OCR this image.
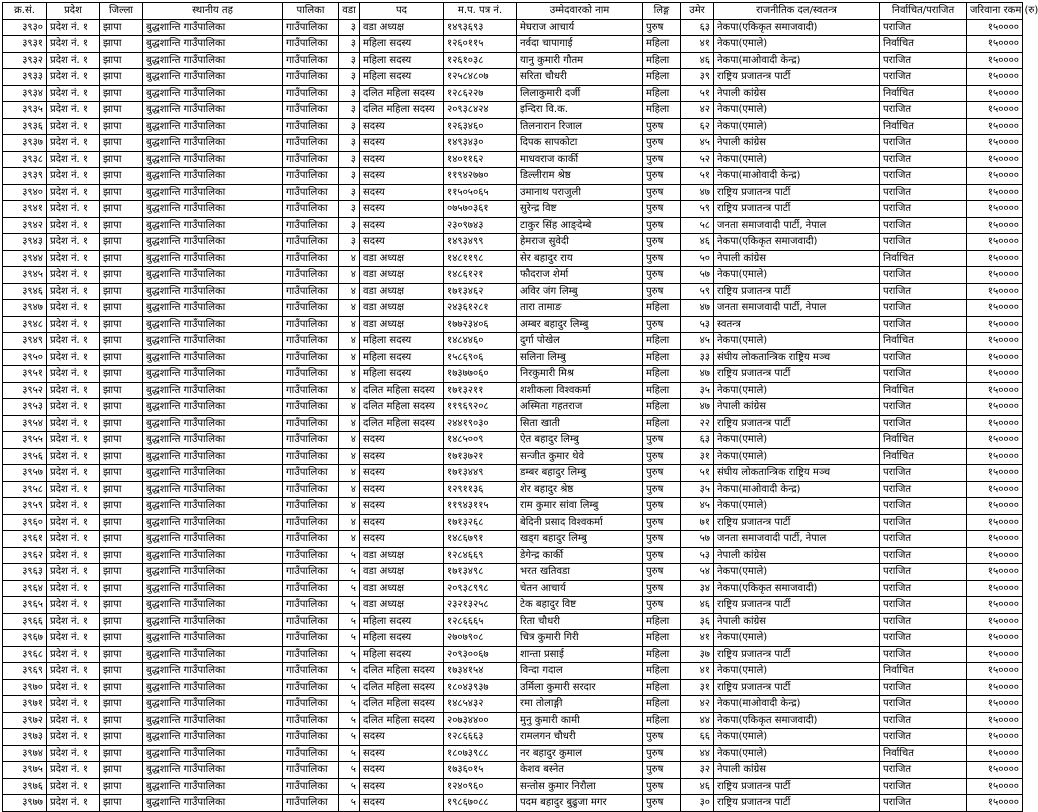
क्र.सं.	प्रदेश	जिल्ला	स्थानीय तह	पालिका	वडा	पद	म.प. पत्र नं.	उम्मेदवारको नाम	लिङ्ग	उमेर	राजनीतिक दल/स्वतन्त्र	निर्वाचित/पराजित	जरिवाना रकम (रु)
३९३०	प्रदेश नं. १	झापा	बुद्धशान्ति गाउँपालिका	गाउँपालिका	३	वडा अध्यक्ष	१४९३६९३	मेघराज आचार्य	पुरुष	६३	नेकपा(एकिकृत समाजवादी)	पराजित	१५००००
३९३१	प्रदेश नं. १	झापा	बुद्धशान्ति गाउँपालिका	गाउँपालिका	३	महिला सदस्य	१२६०११५	नर्वदा चापागाई	महिला	४१	नेकपा(एमाले)	निर्वाचित	१५००००
३९३२	प्रदेश नं. १	झापा	बुद्धशान्ति गाउँपालिका	गाउँपालिका	३	महिला सदस्य	१२६१०३८	यानु कुमारी गौतम	महिला	४६	नेकपा(माओवादी केन्द्र)	पराजित	१५००००
३९३३	प्रदेश नं. १	झापा	बुद्धशान्ति गाउँपालिका	गाउँपालिका	३	महिला सदस्य	१२५८४८०७	सरिता चौधरी	महिला	३९	राष्ट्रिय प्रजातन्त्र पार्टी	पराजित	१५००००
३९३४	प्रदेश नं. १	झापा	बुद्धशान्ति गाउँपालिका	गाउँपालिका	३	दलित महिला सदस्य	१२८६२२७	लिलाकुमारी दर्जी	महिला	५१	नेपाली कांग्रेस	निर्वाचित	१५००००
३९३५	प्रदेश नं. १	झापा	बुद्धशान्ति गाउँपालिका	गाउँपालिका	३	दलित महिला सदस्य	२०९३८४२४	इन्दिरा वि.क.	महिला	४२	नेकपा(एमाले)	पराजित	१५००००
३९३६	प्रदेश नं. १	झापा	बुद्धशान्ति गाउँपालिका	गाउँपालिका	३	सदस्य	१२६३४६०	तिलनारान रिजाल	पुरुष	६२	नेकपा(एमाले)	निर्वाचित	१५००००
३९३७	प्रदेश नं. १	झापा	बुद्धशान्ति गाउँपालिका	गाउँपालिका	३	सदस्य	१४९३४३०	दिपक सापकोटा	पुरुष	४५	नेपाली कांग्रेस	पराजित	१५००००
३९३८	प्रदेश नं. १	झापा	बुद्धशान्ति गाउँपालिका	गाउँपालिका	३	सदस्य	१४०११६२	माधवराज कार्की	पुरुष	५२	नेकपा(एमाले)	पराजित	१५००००
३९३९	प्रदेश नं. १	झापा	बुद्धशान्ति गाउँपालिका	गाउँपालिका	३	सदस्य	११९४२७७०	डिल्लीराम श्रेष्ठ	पुरुष	५१	नेकपा(माओवादी केन्द्र)	पराजित	१५००००
३९४०	प्रदेश नं. १	झापा	बुद्धशान्ति गाउँपालिका	गाउँपालिका	३	सदस्य	११५०५०६५	उमानाथ पराजुली	पुरुष	४७	राष्ट्रिय प्रजातन्त्र पार्टी	पराजित	१५००००
३९४१	प्रदेश नं. १	झापा	बुद्धशान्ति गाउँपालिका	गाउँपालिका	३	सदस्य	०७५७०३६१	सुरेन्द्र विष्ट	पुरुष	५९	राष्ट्रिय प्रजातन्त्र पार्टी	पराजित	१५००००
३९४२	प्रदेश नं. १	झापा	बुद्धशान्ति गाउँपालिका	गाउँपालिका	३	सदस्य	२३०९७४३	टाकुर सिंह आङ्देम्बे	पुरुष	५८	जनता समाजवादी पार्टी, नेपाल	पराजित	१५००००
३९४३	प्रदेश नं. १	झापा	बुद्धशान्ति गाउँपालिका	गाउँपालिका	३	सदस्य	१४९३४९९	हेमराज सुवेदी	पुरुष	४६	नेकपा(एकिकृत समाजवादी)	पराजित	१५००००
३९४४	प्रदेश नं. १	झापा	बुद्धशान्ति गाउँपालिका	गाउँपालिका	४	वडा अध्यक्ष	१४८११९८	सेर बहादुर राय	पुरुष	५०	नेपाली कांग्रेस	निर्वाचित	१५००००
३९४५	प्रदेश नं. १	झापा	बुद्धशान्ति गाउँपालिका	गाउँपालिका	४	वडा अध्यक्ष	१४८६१२१	फौदराज शेर्मा	पुरुष	५७	नेकपा(एमाले)	पराजित	१५००००
३९४६	प्रदेश नं. १	झापा	बुद्धशान्ति गाउँपालिका	गाउँपालिका	४	वडा अध्यक्ष	१७१३४६२	अविर जंग लिम्बु	पुरुष	५९	राष्ट्रिय प्रजातन्त्र पार्टी	पराजित	१५००००
३९४७	प्रदेश नं. १	झापा	बुद्धशान्ति गाउँपालिका	गाउँपालिका	४	वडा अध्यक्ष	२४३६१२८१	तारा तामाङ	महिला	४७	जनता समाजवादी पार्टी, नेपाल	पराजित	१५००००
३९४८	प्रदेश नं. १	झापा	बुद्धशान्ति गाउँपालिका	गाउँपालिका	४	वडा अध्यक्ष	१७७२३४०६	अम्बर बहादुर लिम्बु	पुरुष	५३	स्वतन्त्र	पराजित	१५००००
३९४९	प्रदेश नं. १	झापा	बुद्धशान्ति गाउँपालिका	गाउँपालिका	४	महिला सदस्य	१४८४४६०	दुर्गा पोखेल	महिला	४५	नेकपा(एमाले)	निर्वाचित	१५००००
३९५०	प्रदेश नं. १	झापा	बुद्धशान्ति गाउँपालिका	गाउँपालिका	४	महिला सदस्य	१५८६९०६	सलिना लिम्बु	महिला	३३	संघीय लोकतान्त्रिक राष्ट्रिय मञ्च	पराजित	१५००००
३९५१	प्रदेश नं. १	झापा	बुद्धशान्ति गाउँपालिका	गाउँपालिका	४	महिला सदस्य	१७३७७०६०	निरकुमारी मिश्र	महिला	४७	राष्ट्रिय प्रजातन्त्र पार्टी	पराजित	१५००००
३९५२	प्रदेश नं. १	झापा	बुद्धशान्ति गाउँपालिका	गाउँपालिका	४	दलित महिला सदस्य	१७१३२११	शशीकला विश्वकर्मा	महिला	३५	नेकपा(एमाले)	निर्वाचित	१५००००
३९५३	प्रदेश नं. १	झापा	बुद्धशान्ति गाउँपालिका	गाउँपालिका	४	दलित महिला सदस्य	११९६९२०८	अस्मिता गहतराज	महिला	४७	नेपाली कांग्रेस	पराजित	१५००००
३९५४	प्रदेश नं. १	झापा	बुद्धशान्ति गाउँपालिका	गाउँपालिका	४	दलित महिला सदस्य	२४४१९०३०	सिता खाती	महिला	२२	राष्ट्रिय प्रजातन्त्र पार्टी	पराजित	१५००००
३९५५	प्रदेश नं. १	झापा	बुद्धशान्ति गाउँपालिका	गाउँपालिका	४	सदस्य	१४८५००९	ऐत बहादुर लिम्बु	पुरुष	६३	नेकपा(एमाले)	निर्वाचित	१५००००
३९५६	प्रदेश नं. १	झापा	बुद्धशान्ति गाउँपालिका	गाउँपालिका	४	सदस्य	१७१३७२१	सन्जीत कुमार थेवे	पुरुष	३१	नेकपा(एमाले)	निर्वाचित	१५००००
३९५७	प्रदेश नं. १	झापा	बुद्धशान्ति गाउँपालिका	गाउँपालिका	४	सदस्य	१७१३४४९	डम्बर बहादुर लिम्बु	पुरुष	५१	संघीय लोकतान्त्रिक राष्ट्रिय मञ्च	पराजित	१५००००
३९५८	प्रदेश नं. १	झापा	बुद्धशान्ति गाउँपालिका	गाउँपालिका	४	सदस्य	१२९११३६	शेर बहादुर श्रेष्ठ	पुरुष	३५	नेकपा(माओवादी केन्द्र)	पराजित	१५००००
३९५९	प्रदेश नं. १	झापा	बुद्धशान्ति गाउँपालिका	गाउँपालिका	४	सदस्य	११९४३११५	राम कुमार सांवा लिम्बु	पुरुष	४५	नेकपा(एमाले)	पराजित	१५००००
३९६०	प्रदेश नं. १	झापा	बुद्धशान्ति गाउँपालिका	गाउँपालिका	४	सदस्य	१७१३२६८	बेदिनी प्रसाद विश्वकर्मा	पुरुष	७१	राष्ट्रिय प्रजातन्त्र पार्टी	पराजित	१५००००
३९६१	प्रदेश नं. १	झापा	बुद्धशान्ति गाउँपालिका	गाउँपालिका	४	सदस्य	१४८६७९१	खड्ग बहादुर लिम्बु	पुरुष	५७	जनता समाजवादी पार्टी, नेपाल	पराजित	१५००००
३९६२	प्रदेश नं. १	झापा	बुद्धशान्ति गाउँपालिका	गाउँपालिका	५	वडा अध्यक्ष	१२८४६६९	डेगेन्द्र कार्की	पुरुष	५३	नेपाली कांग्रेस	पराजित	१५००००
३९६३	प्रदेश नं. १	झापा	बुद्धशान्ति गाउँपालिका	गाउँपालिका	५	वडा अध्यक्ष	१७१३४९८	भरत खतिवडा	पुरुष	५४	नेकपा(एमाले)	पराजित	१५००००
३९६४	प्रदेश नं. १	झापा	बुद्धशान्ति गाउँपालिका	गाउँपालिका	५	वडा अध्यक्ष	२०९३८९९८	चेतन आचार्य	पुरुष	३४	नेकपा(एकिकृत समाजवादी)	पराजित	१५००००
३९६५	प्रदेश नं. १	झापा	बुद्धशान्ति गाउँपालिका	गाउँपालिका	५	वडा अध्यक्ष	२३२१३२५८	टेक बहादुर विष्ट	पुरुष	४६	राष्ट्रिय प्रजातन्त्र पार्टी	पराजित	१५००००
३९६६	प्रदेश नं. १	झापा	बुद्धशान्ति गाउँपालिका	गाउँपालिका	५	महिला सदस्य	१२८६६६५	रिता चौधरी	महिला	३६	नेपाली कांग्रेस	पराजित	१५००००
३९६७	प्रदेश नं. १	झापा	बुद्धशान्ति गाउँपालिका	गाउँपालिका	५	महिला सदस्य	२७०७९०८	चित्र कुमारी गिरी	महिला	४१	नेकपा(एमाले)	पराजित	१५००००
३९६८	प्रदेश नं. १	झापा	बुद्धशान्ति गाउँपालिका	गाउँपालिका	५	महिला सदस्य	२०९३००६७	शान्ता प्रसाई	महिला	३७	राष्ट्रिय प्रजातन्त्र पार्टी	पराजित	१५००००
३९६९	प्रदेश नं. १	झापा	बुद्धशान्ति गाउँपालिका	गाउँपालिका	५	दलित महिला सदस्य	१७३४१५४	विन्दा गदाल	महिला	४१	नेकपा(एमाले)	निर्वाचित	१५००००
३९७०	प्रदेश नं. १	झापा	बुद्धशान्ति गाउँपालिका	गाउँपालिका	५	दलित महिला सदस्य	१८०४३९३७	उर्मिला कुमारी सरदार	महिला	३१	राष्ट्रिय प्रजातन्त्र पार्टी	पराजित	१५००००
३९७१	प्रदेश नं. १	झापा	बुद्धशान्ति गाउँपालिका	गाउँपालिका	५	दलित महिला सदस्य	१४८५४३२	रमा तोलाङ्गी	महिला	४२	नेकपा(माओवादी केन्द्र)	पराजित	१५००००
३९७२	प्रदेश नं. १	झापा	बुद्धशान्ति गाउँपालिका	गाउँपालिका	५	दलित महिला सदस्य	२०७३४४००	मुनु कुमारी कामी	महिला	४४	नेकपा(एकिकृत समाजवादी)	पराजित	१५००००
३९७३	प्रदेश नं. १	झापा	बुद्धशान्ति गाउँपालिका	गाउँपालिका	५	सदस्य	१२८६६६३	रामलगन चौधरी	पुरुष	६६	नेकपा(एमाले)	पराजित	१५००००
३९७४	प्रदेश नं. १	झापा	बुद्धशान्ति गाउँपालिका	गाउँपालिका	५	सदस्य	१८०७३९८८	नर बहादुर कुमाल	पुरुष	४४	नेकपा(एमाले)	निर्वाचित	१५००००
३९७५	प्रदेश नं. १	झापा	बुद्धशान्ति गाउँपालिका	गाउँपालिका	५	सदस्य	१७३६०१५	केशव बस्नेत	पुरुष	३२	नेपाली कांग्रेस	पराजित	१५००००
३९७६	प्रदेश नं. १	झापा	बुद्धशान्ति गाउँपालिका	गाउँपालिका	५	सदस्य	१२४०९६०	सन्तोस कुमार निरौला	पुरुष	४६	राष्ट्रिय प्रजातन्त्र पार्टी	पराजित	१५००००
३९७७	प्रदेश नं. १	झापा	बुद्धशान्ति गाउँपालिका	गाउँपालिका	५	सदस्य	१९८६७०८८	पदम बहादुर बुढुजा मगर	पुरुष	३०	राष्ट्रिय प्रजातन्त्र पार्टी	पराजित	१५००००
